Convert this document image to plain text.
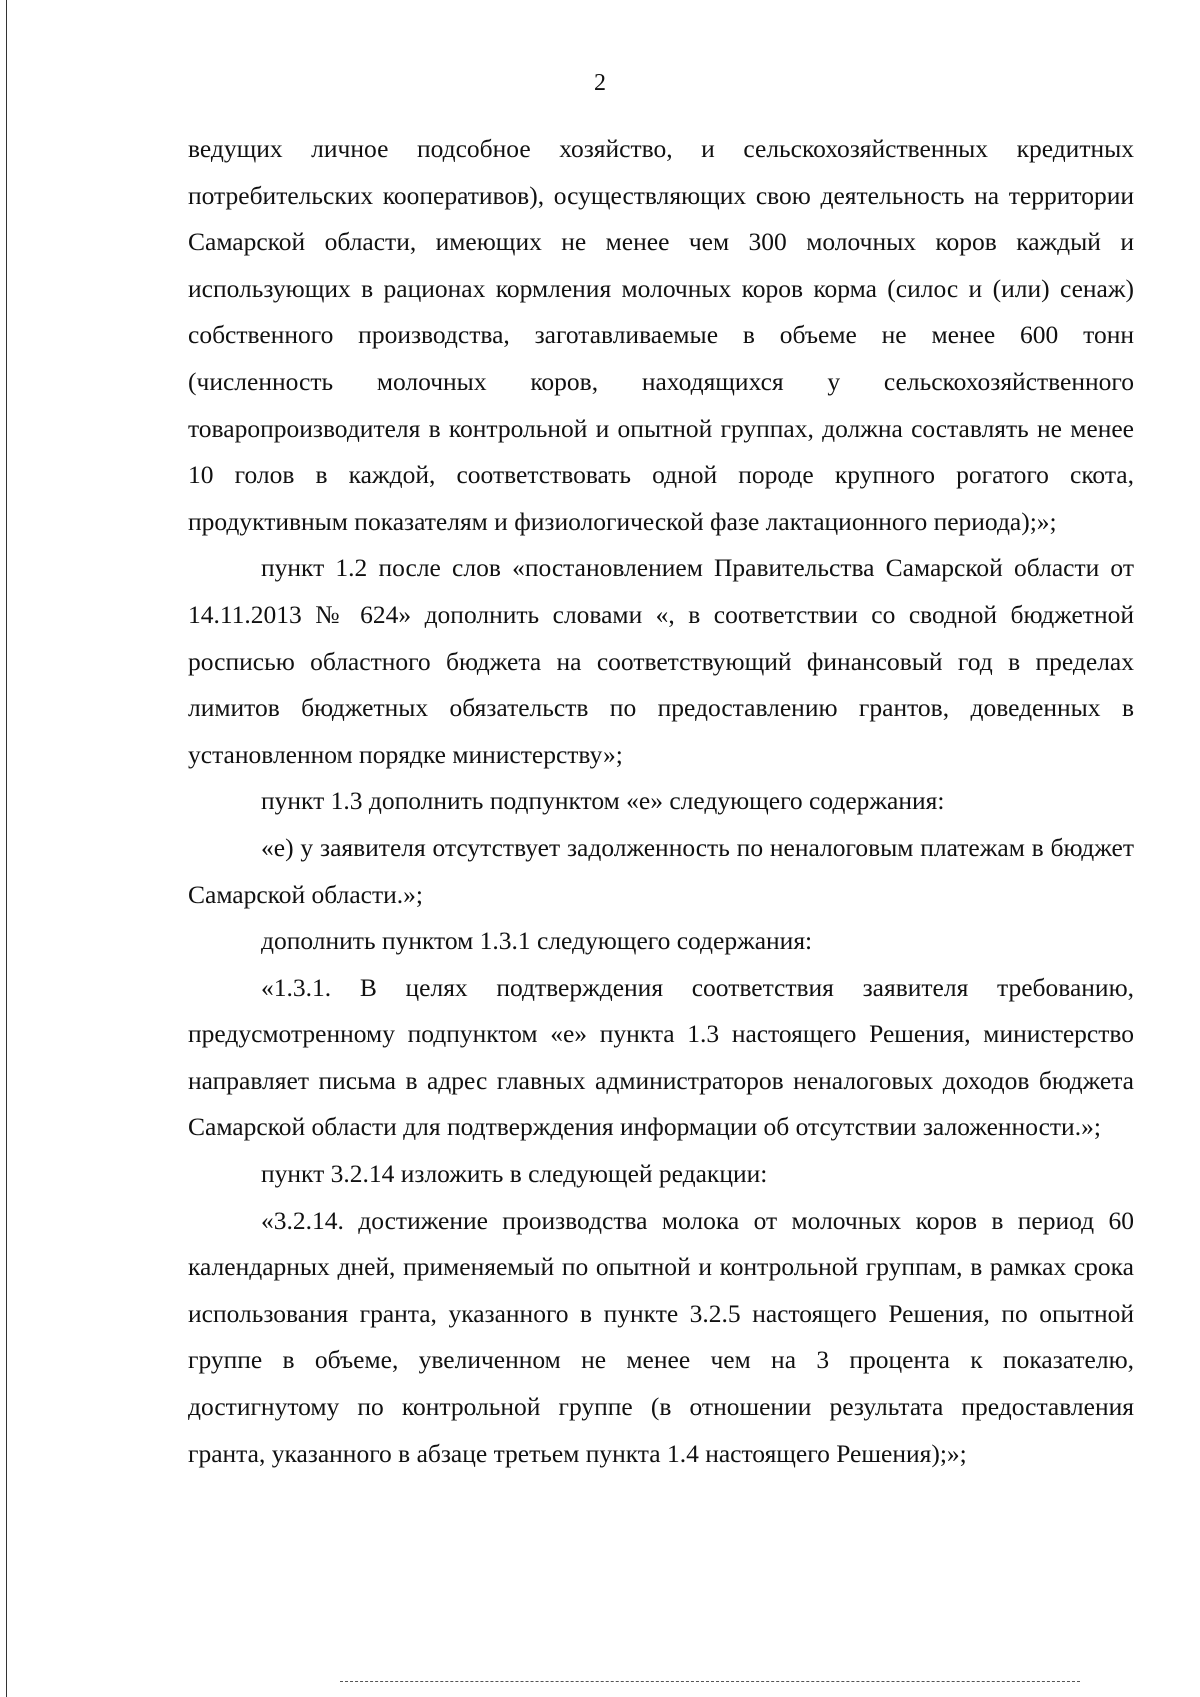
2

ведущих личное подсобное хозяйство, и сельскохозяйственных кредитных потребительских кооперативов), осуществляющих свою деятельность на территории Самарской области, имеющих не менее чем 300 молочных коров каждый и использующих в рационах кормления молочных коров корма (силос и (или) сенаж) собственного производства, заготавливаемые в объеме не менее 600 тонн (численность молочных коров, находящихся у сельскохозяйственного товаропроизводителя в контрольной и опытной группах, должна составлять не менее 10 голов в каждой, соответствовать одной породе крупного рогатого скота, продуктивным показателям и физиологической фазе лактационного периода);»;

пункт 1.2 после слов «постановлением Правительства Самарской области от 14.11.2013 № 624» дополнить словами «, в соответствии со сводной бюджетной росписью областного бюджета на соответствующий финансовый год в пределах лимитов бюджетных обязательств по предоставлению грантов, доведенных в установленном порядке министерству»;

пункт 1.3 дополнить подпунктом «е» следующего содержания:

«е) у заявителя отсутствует задолженность по неналоговым платежам в бюджет Самарской области.»;

дополнить пунктом 1.3.1 следующего содержания:

«1.3.1. В целях подтверждения соответствия заявителя требованию, предусмотренному подпунктом «е» пункта 1.3 настоящего Решения, министерство направляет письма в адрес главных администраторов неналоговых доходов бюджета Самарской области для подтверждения информации об отсутствии заложенности.»;

пункт 3.2.14 изложить в следующей редакции:

«3.2.14. достижение производства молока от молочных коров в период 60 календарных дней, применяемый по опытной и контрольной группам, в рамках срока использования гранта, указанного в пункте 3.2.5 настоящего Решения, по опытной группе в объеме, увеличенном не менее чем на 3 процента к показателю, достигнутому по контрольной группе (в отношении результата предоставления гранта, указанного в абзаце третьем пункта 1.4 настоящего Решения);»;
